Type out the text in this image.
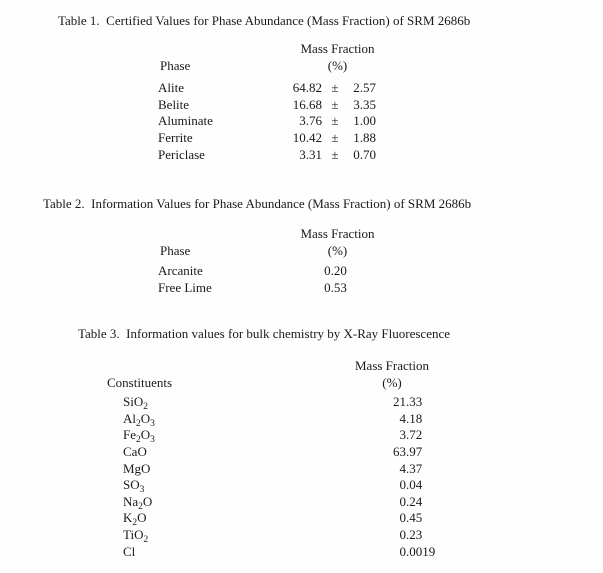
Table 1.  Certified Values for Phase Abundance (Mass Fraction) of SRM 2686b
Phase
Mass Fraction
(%)
Alite	64.82 ± 2.57
Belite	16.68 ± 3.35
Aluminate	3.76 ± 1.00
Ferrite	10.42 ± 1.88
Periclase	3.31 ± 0.70
Table 2.  Information Values for Phase Abundance (Mass Fraction) of SRM 2686b
Phase
Mass Fraction
(%)
Arcanite	0.20
Free Lime	0.53
Table 3.  Information values for bulk chemistry by X-Ray Fluorescence
Constituents
Mass Fraction
(%)
SiO$_2$	21.33
$Al_2O_3$	4.18
$Fe_2O_3$	3.72
CaO	63.97
MgO	4.37
$SO_3$	0.04
$Na_2O$	0.24
$K_2O$	0.45
TiO$_2$	0.23
Cl	0.0019
